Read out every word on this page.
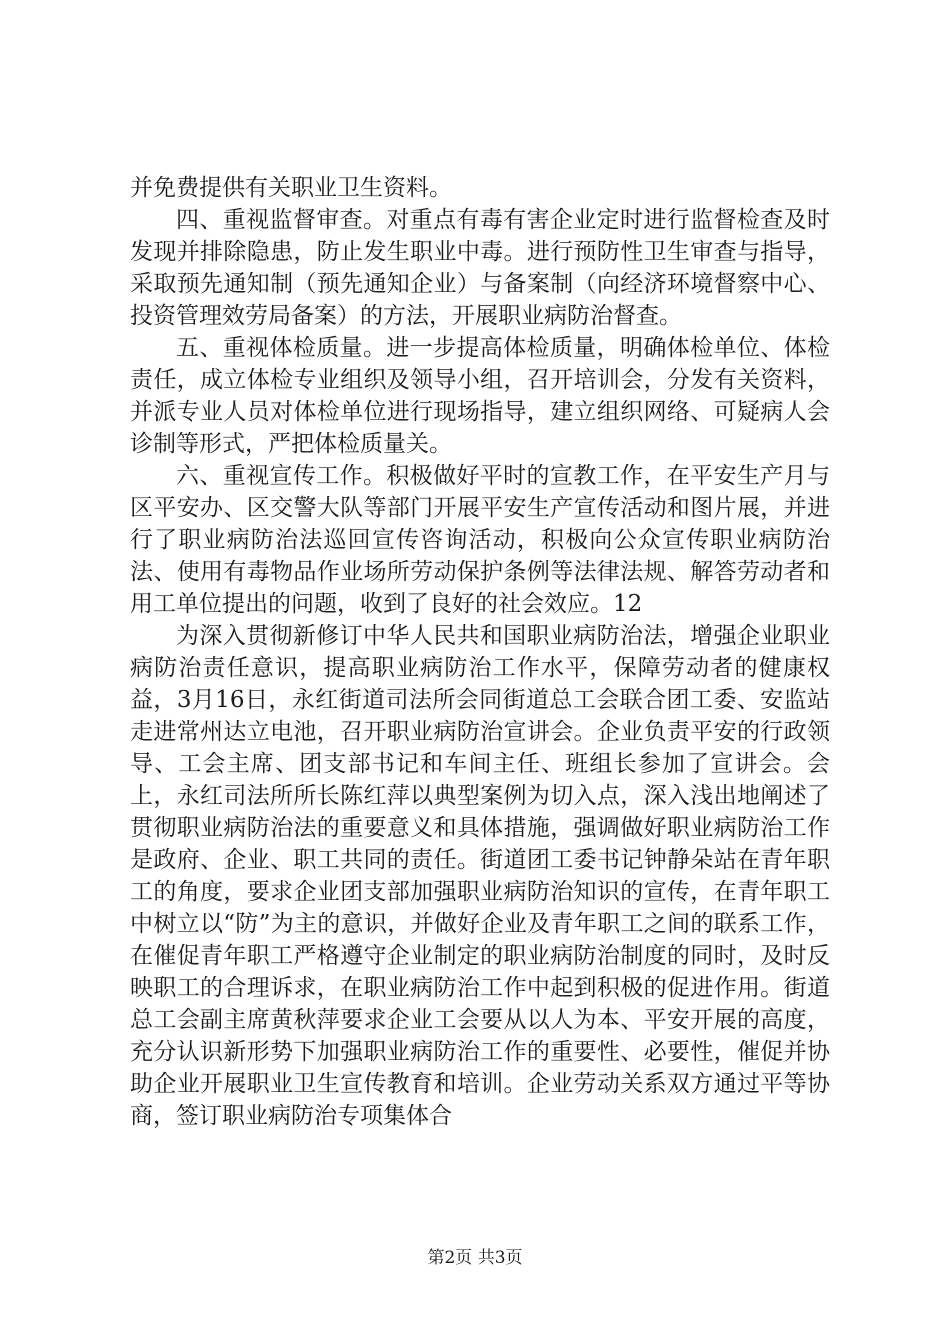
并免费提供有关职业卫生资料。

四、重视监督审查。对重点有毒有害企业定时进行监督检查及时发现并排除隐患，防止发生职业中毒。进行预防性卫生审查与指导，采取预先通知制（预先通知企业）与备案制（向经济环境督察中心、投资管理效劳局备案）的方法，开展职业病防治督查。

五、重视体检质量。进一步提高体检质量，明确体检单位、体检责任，成立体检专业组织及领导小组，召开培训会，分发有关资料，并派专业人员对体检单位进行现场指导，建立组织网络、可疑病人会诊制等形式，严把体检质量关。

六、重视宣传工作。积极做好平时的宣教工作，在平安生产月与区平安办、区交警大队等部门开展平安生产宣传活动和图片展，并进行了职业病防治法巡回宣传咨询活动，积极向公众宣传职业病防治法、使用有毒物品作业场所劳动保护条例等法律法规、解答劳动者和用工单位提出的问题，收到了良好的社会效应。12

为深入贯彻新修订中华人民共和国职业病防治法，增强企业职业病防治责任意识，提高职业病防治工作水平，保障劳动者的健康权益，3月16日，永红街道司法所会同街道总工会联合团工委、安监站走进常州达立电池，召开职业病防治宣讲会。企业负责平安的行政领导、工会主席、团支部书记和车间主任、班组长参加了宣讲会。会上，永红司法所所长陈红萍以典型案例为切入点，深入浅出地阐述了贯彻职业病防治法的重要意义和具体措施，强调做好职业病防治工作是政府、企业、职工共同的责任。街道团工委书记钟静朵站在青年职工的角度，要求企业团支部加强职业病防治知识的宣传，在青年职工中树立以“防”为主的意识，并做好企业及青年职工之间的联系工作，在催促青年职工严格遵守企业制定的职业病防治制度的同时，及时反映职工的合理诉求，在职业病防治工作中起到积极的促进作用。街道总工会副主席黄秋萍要求企业工会要从以人为本、平安开展的高度，充分认识新形势下加强职业病防治工作的重要性、必要性，催促并协助企业开展职业卫生宣传教育和培训。企业劳动关系双方通过平等协商，签订职业病防治专项集体合

第2页 共3页
